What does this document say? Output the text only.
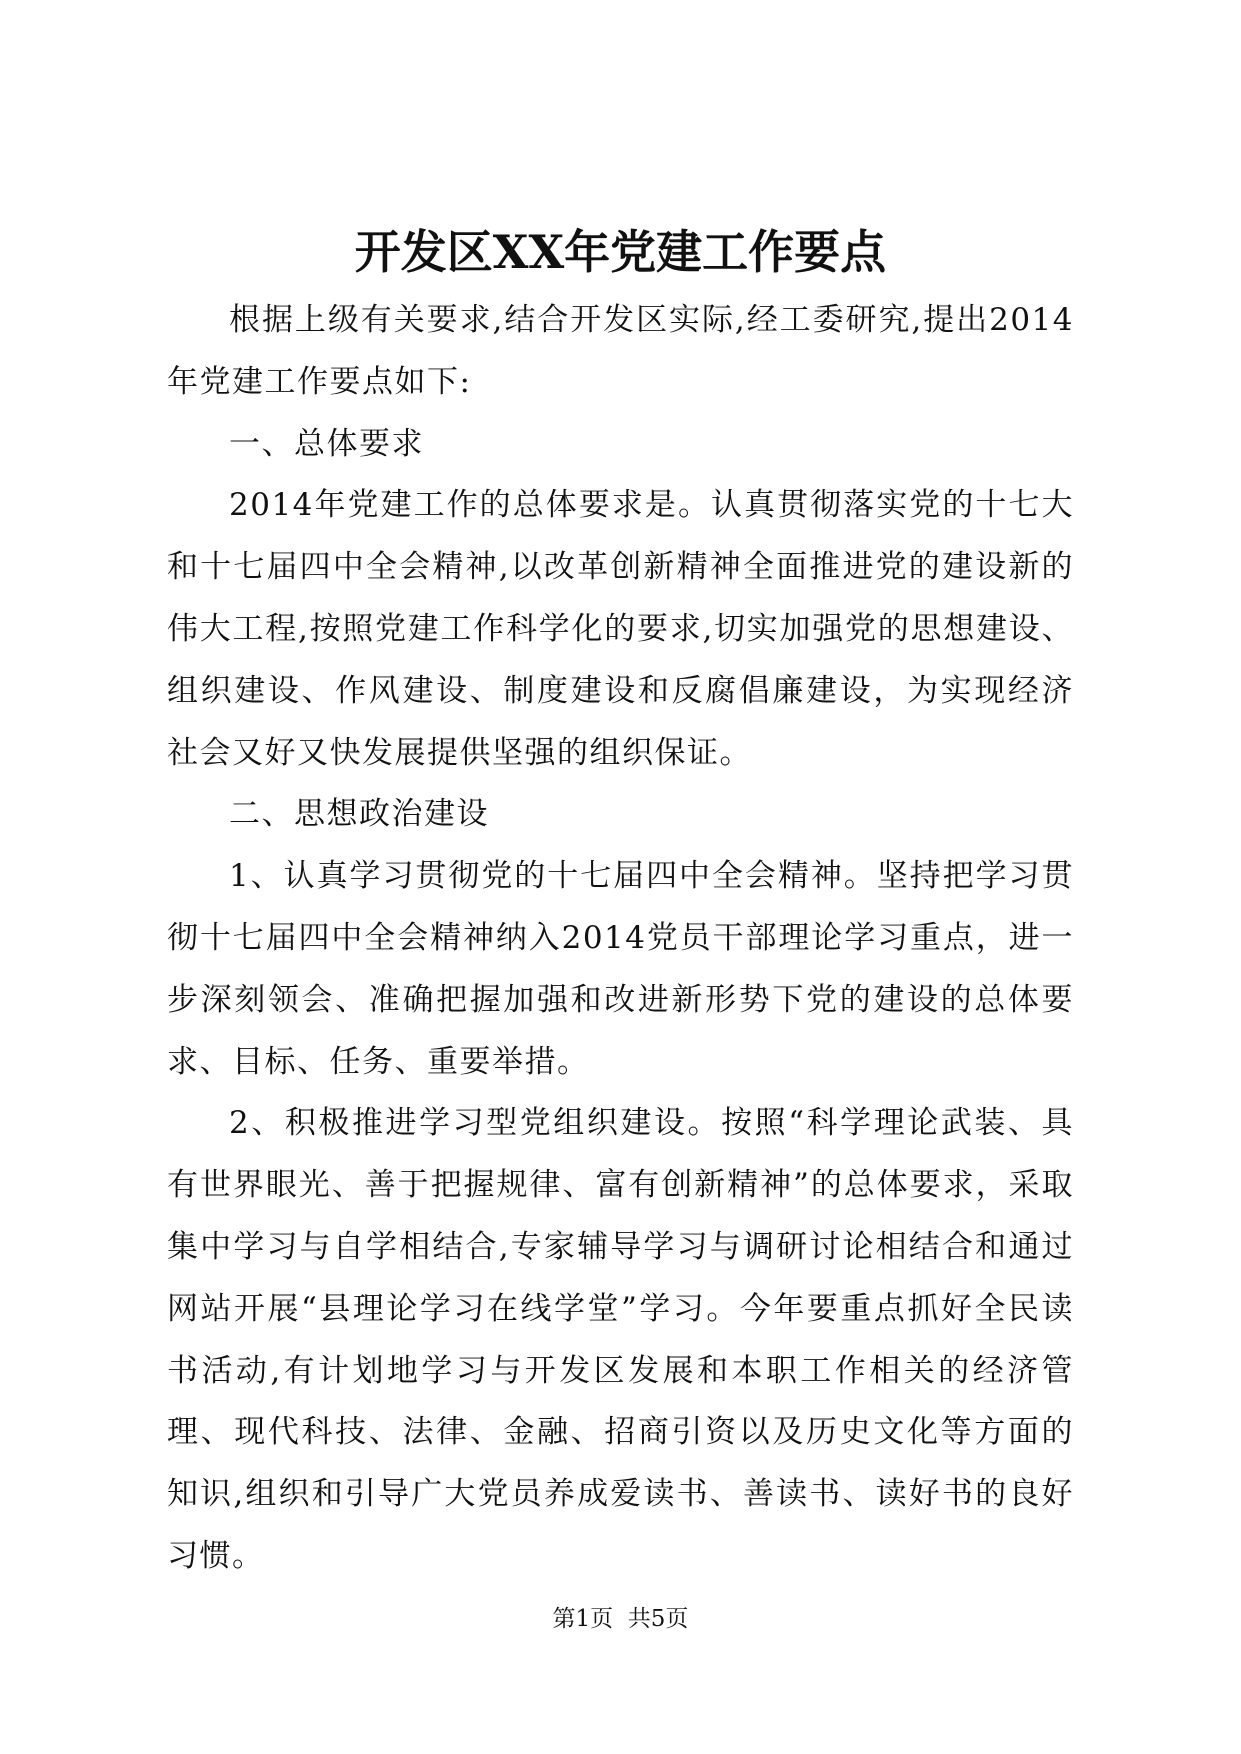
开发区XX年党建工作要点

根据上级有关要求,结合开发区实际,经工委研究,提出2014年党建工作要点如下:

一、总体要求

2014年党建工作的总体要求是。认真贯彻落实党的十七大和十七届四中全会精神,以改革创新精神全面推进党的建设新的伟大工程,按照党建工作科学化的要求,切实加强党的思想建设、组织建设、作风建设、制度建设和反腐倡廉建设，为实现经济社会又好又快发展提供坚强的组织保证。

二、思想政治建设

1、认真学习贯彻党的十七届四中全会精神。坚持把学习贯彻十七届四中全会精神纳入2014党员干部理论学习重点，进一步深刻领会、准确把握加强和改进新形势下党的建设的总体要求、目标、任务、重要举措。

2、积极推进学习型党组织建设。按照“科学理论武装、具有世界眼光、善于把握规律、富有创新精神”的总体要求，采取集中学习与自学相结合,专家辅导学习与调研讨论相结合和通过网站开展“县理论学习在线学堂”学习。今年要重点抓好全民读书活动,有计划地学习与开发区发展和本职工作相关的经济管理、现代科技、法律、金融、招商引资以及历史文化等方面的知识,组织和引导广大党员养成爱读书、善读书、读好书的良好习惯。

第1页  共5页
